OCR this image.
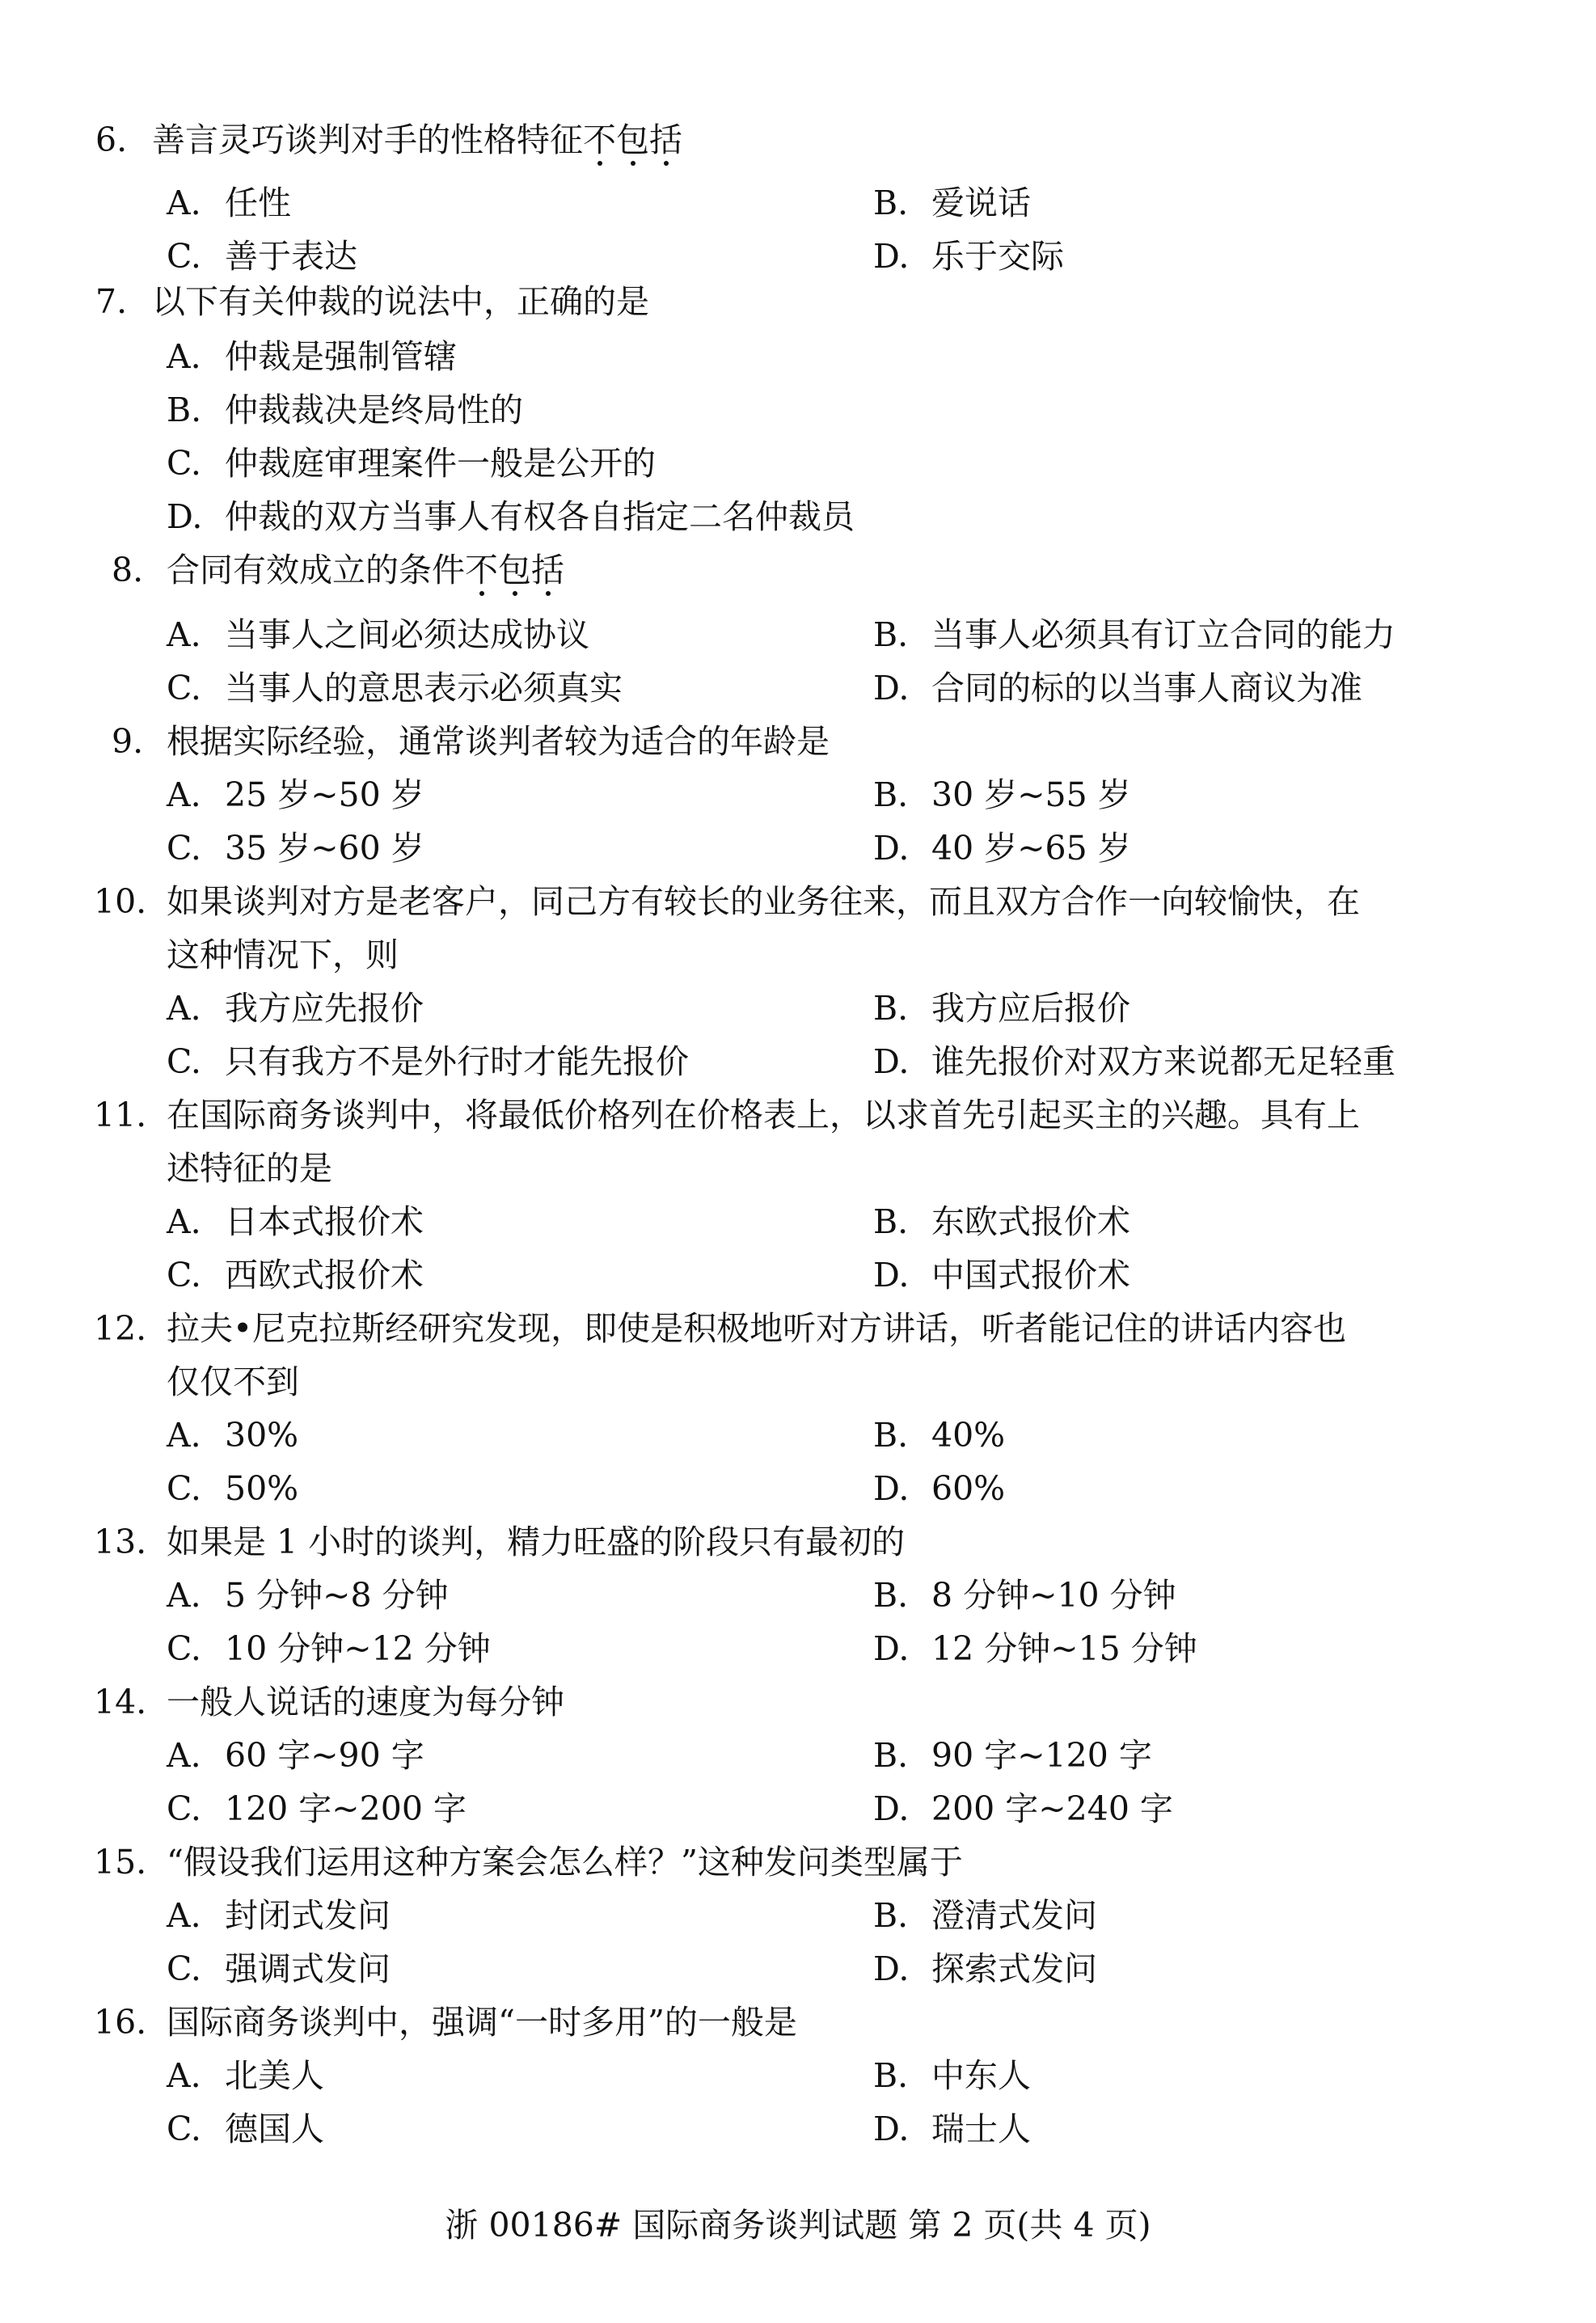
6. 善言灵巧谈判对手的性格特征不
包
括
A. 任性	B. 爱说话
C. 善于表达	D. 乐于交际
7. 以下有关仲裁的说法中，正确的是
A. 仲裁是强制管辖
B. 仲裁裁决是终局性的
C. 仲裁庭审理案件一般是公开的
D. 仲裁的双方当事人有权各自指定二名仲裁员
8. 合同有效成立的条件不
包
括
A. 当事人之间必须达成协议	B. 当事人必须具有订立合同的能力
C. 当事人的意思表示必须真实	D. 合同的标的以当事人商议为准
9. 根据实际经验，通常谈判者较为适合的年龄是
A. 25 岁~50 岁	B. 30 岁~55 岁
C. 35 岁~60 岁	D. 40 岁~65 岁
10. 如果谈判对方是老客户，同己方有较长的业务往来，而且双方合作一向较愉快，在
这种情况下，则
A. 我方应先报价	B. 我方应后报价
C. 只有我方不是外行时才能先报价	D. 谁先报价对双方来说都无足轻重
11. 在国际商务谈判中，将最低价格列在价格表上，以求首先引起买主的兴趣。具有上
述特征的是
A. 日本式报价术	B. 东欧式报价术
C. 西欧式报价术	D. 中国式报价术
12. 拉夫•尼克拉斯经研究发现，即使是积极地听对方讲话，听者能记住的讲话内容也
仅仅不到
A. 30%	B. 40%
C. 50%	D. 60%
13. 如果是 1 小时的谈判，精力旺盛的阶段只有最初的
A. 5 分钟~8 分钟	B. 8 分钟~10 分钟
C. 10 分钟~12 分钟	D. 12 分钟~15 分钟
14. 一般人说话的速度为每分钟
A. 60 字~90 字	B. 90 字~120 字
C. 120 字~200 字	D. 200 字~240 字
15. “假设我们运用这种方案会怎么样？”这种发问类型属于
A. 封闭式发问	B. 澄清式发问
C. 强调式发问	D. 探索式发问
16. 国际商务谈判中，强调“一时多用”的一般是
A. 北美人	B. 中东人
C. 德国人	D. 瑞士人
浙 00186# 国际商务谈判试题 第 2 页(共 4 页)
